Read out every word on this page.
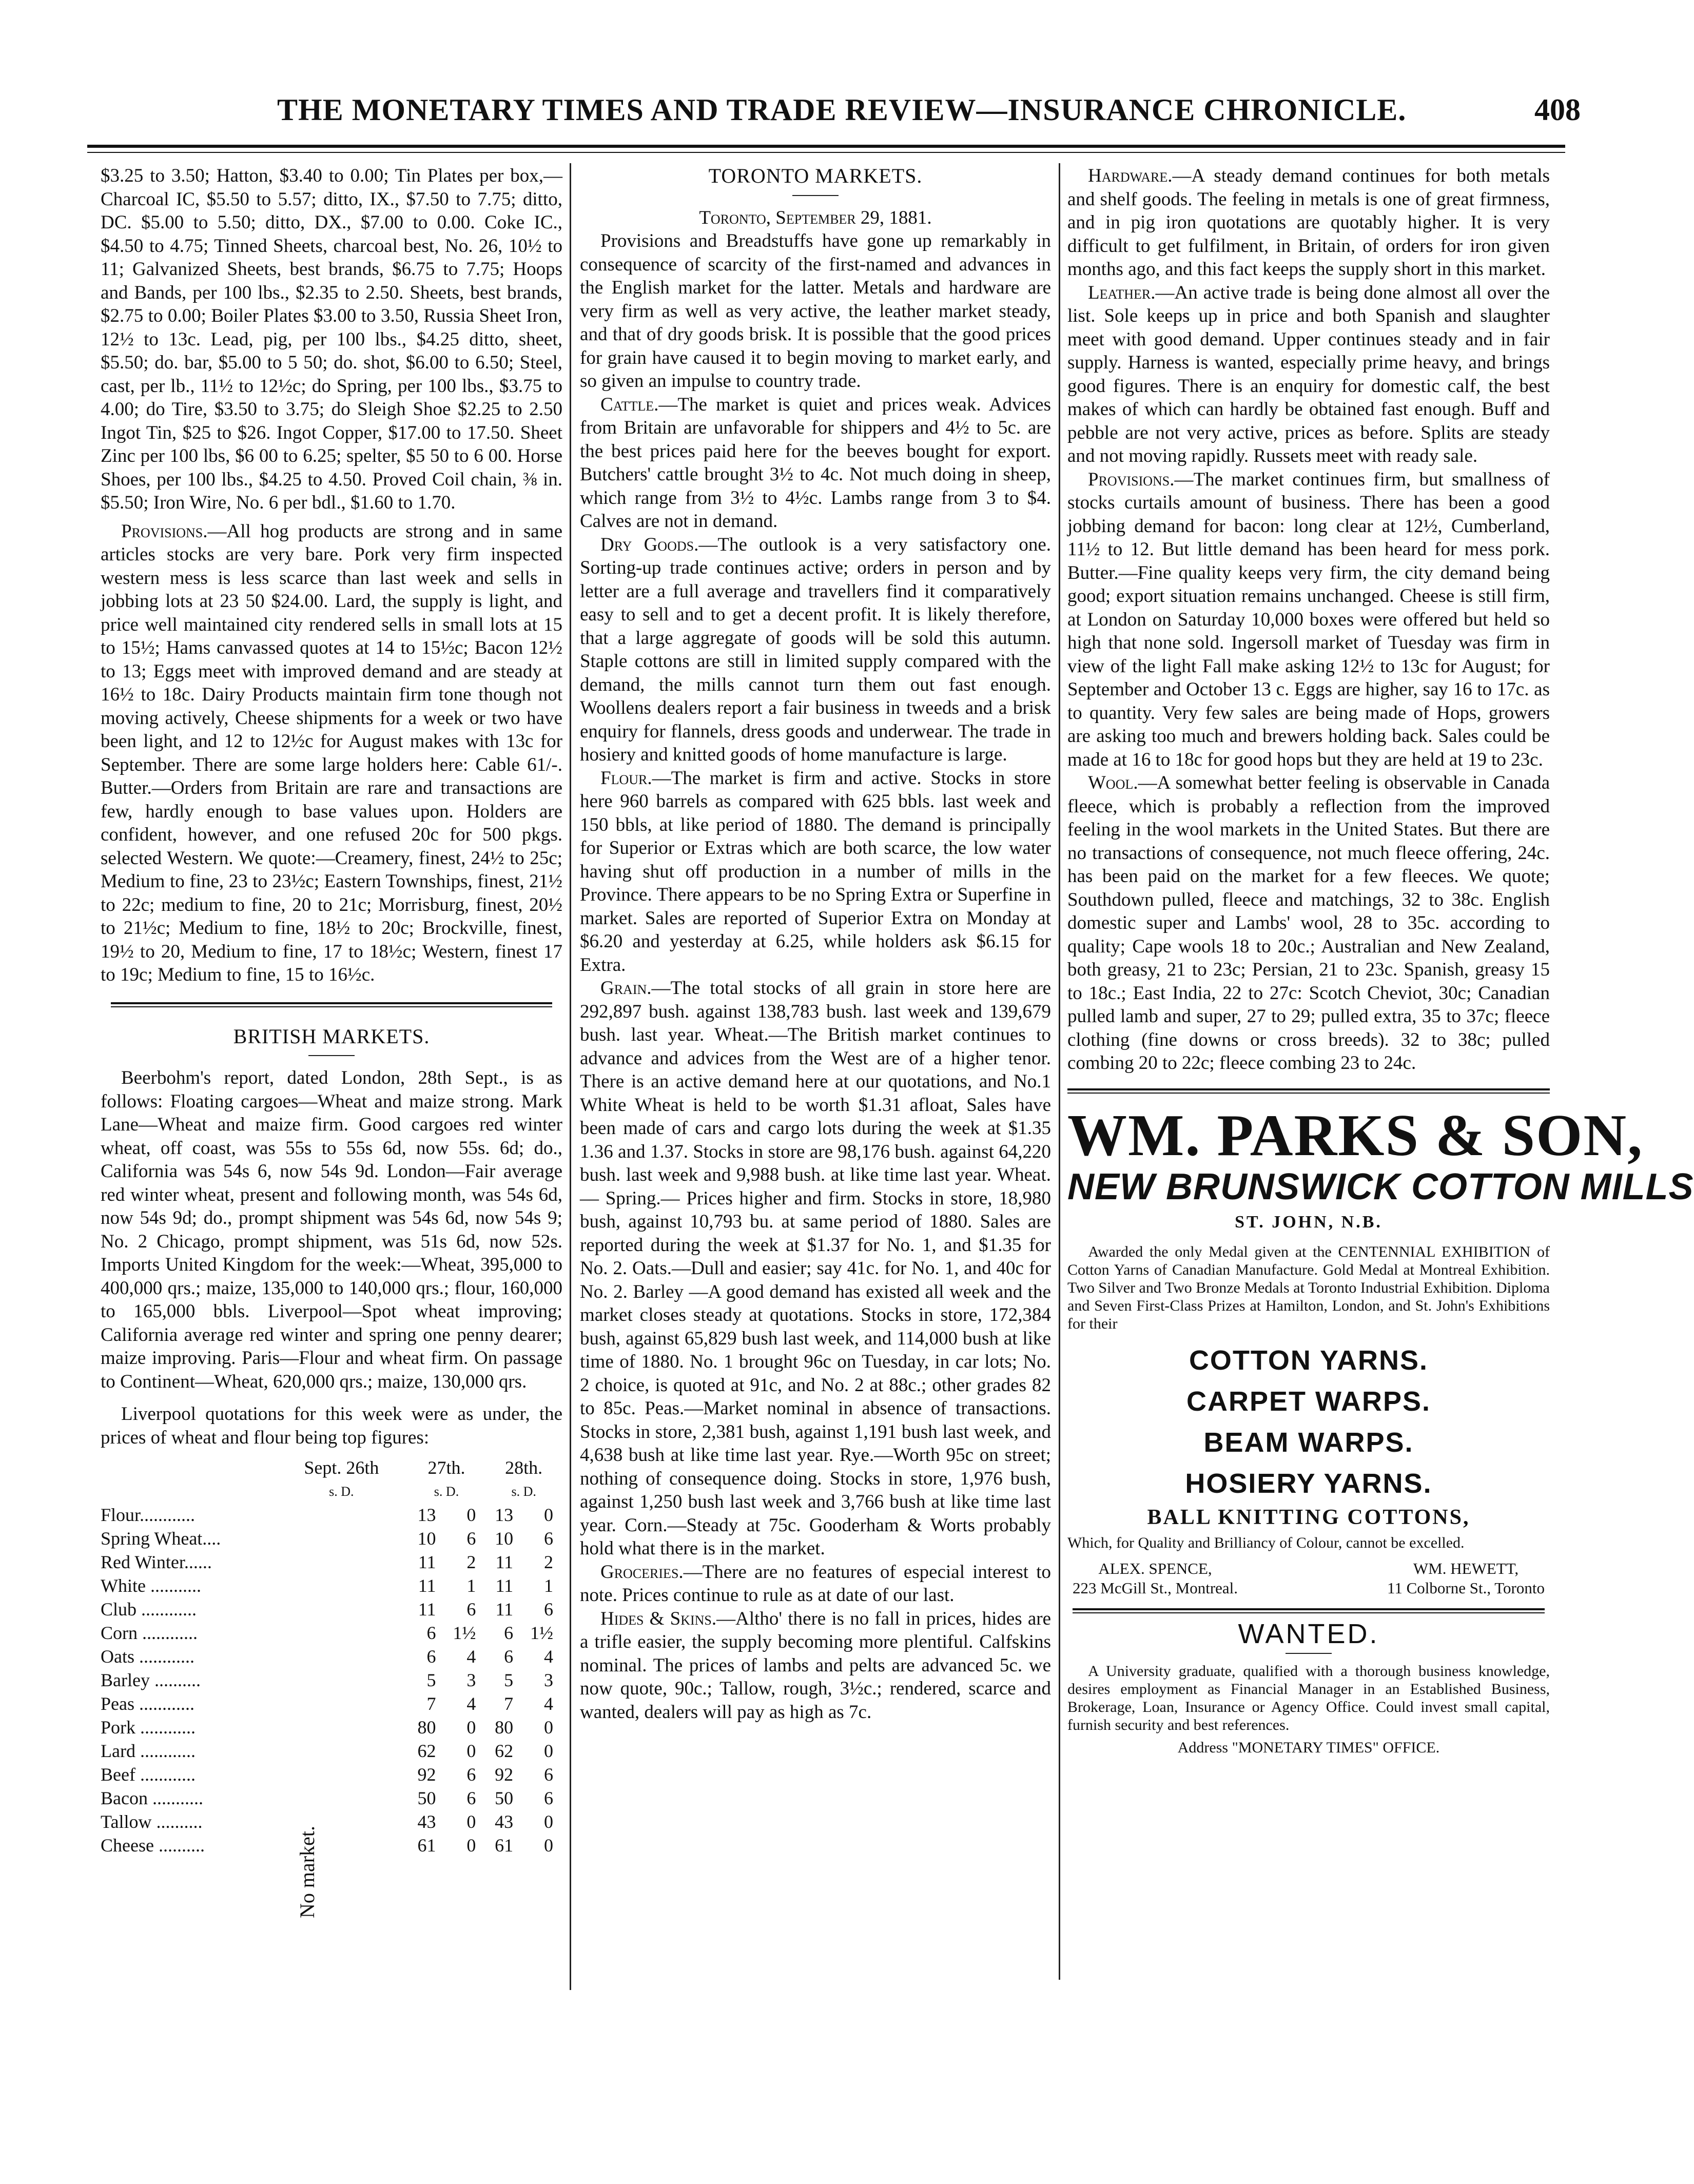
THE MONETARY TIMES AND TRADE REVIEW—INSURANCE CHRONICLE.	408

$3.25 to 3.50; Hatton, $3.40 to 0.00; Tin Plates per box,—Charcoal IC, $5.50 to 5.57; ditto, IX., $7.50 to 7.75; ditto, DC. $5.00 to 5.50; ditto, DX., $7.00 to 0.00. Coke IC., $4.50 to 4.75; Tinned Sheets, charcoal best, No. 26, 10½ to 11; Galvanized Sheets, best brands, $6.75 to 7.75; Hoops and Bands, per 100 lbs., $2.35 to 2.50. Sheets, best brands, $2.75 to 0.00; Boiler Plates $3.00 to 3.50, Russia Sheet Iron, 12½ to 13c. Lead, pig, per 100 lbs., $4.25 ditto, sheet, $5.50; do. bar, $5.00 to 5 50; do. shot, $6.00 to 6.50; Steel, cast, per lb., 11½ to 12½c; do Spring, per 100 lbs., $3.75 to 4.00; do Tire, $3.50 to 3.75; do Sleigh Shoe $2.25 to 2.50 Ingot Tin, $25 to $26. Ingot Copper, $17.00 to 17.50. Sheet Zinc per 100 lbs, $6 00 to 6.25; spelter, $5 50 to 6 00. Horse Shoes, per 100 lbs., $4.25 to 4.50. Proved Coil chain, ⅜ in. $5.50; Iron Wire, No. 6 per bdl., $1.60 to 1.70.

Provisions.—All hog products are strong and in same articles stocks are very bare. Pork very firm inspected western mess is less scarce than last week and sells in jobbing lots at 23 50 $24.00. Lard, the supply is light, and price well maintained city rendered sells in small lots at 15 to 15½; Hams canvassed quotes at 14 to 15½c; Bacon 12½ to 13; Eggs meet with improved demand and are steady at 16½ to 18c. Dairy Products maintain firm tone though not moving actively, Cheese shipments for a week or two have been light, and 12 to 12½c for August makes with 13c for September. There are some large holders here: Cable 61/-. Butter.—Orders from Britain are rare and transactions are few, hardly enough to base values upon. Holders are confident, however, and one refused 20c for 500 pkgs. selected Western. We quote:—Creamery, finest, 24½ to 25c; Medium to fine, 23 to 23½c; Eastern Townships, finest, 21½ to 22c; medium to fine, 20 to 21c; Morrisburg, finest, 20½ to 21½c; Medium to fine, 18½ to 20c; Brockville, finest, 19½ to 20, Medium to fine, 17 to 18½c; Western, finest 17 to 19c; Medium to fine, 15 to 16½c.

BRITISH MARKETS.

Beerbohm's report, dated London, 28th Sept., is as follows: Floating cargoes—Wheat and maize strong. Mark Lane—Wheat and maize firm. Good cargoes red winter wheat, off coast, was 55s to 55s 6d, now 55s. 6d; do., California was 54s 6, now 54s 9d. London—Fair average red winter wheat, present and following month, was 54s 6d, now 54s 9d; do., prompt shipment was 54s 6d, now 54s 9; No. 2 Chicago, prompt shipment, was 51s 6d, now 52s. Imports United Kingdom for the week:—Wheat, 395,000 to 400,000 qrs.; maize, 135,000 to 140,000 qrs.; flour, 160,000 to 165,000 bbls. Liverpool—Spot wheat improving; California average red winter and spring one penny dearer; maize improving. Paris—Flour and wheat firm. On passage to Continent—Wheat, 620,000 qrs.; maize, 130,000 qrs.

Liverpool quotations for this week were as under, the prices of wheat and flour being top figures:

	Sept. 26th		27th.		28th.	
	s. D.		s. D.		s. D.	
Flour............			13	0	13	0
Spring Wheat....			10	6	10	6
Red Winter......			11	2	11	2
White ...........			11	1	11	1
Club ............			11	6	11	6
Corn ............			6	1½	6	1½
Oats ............			6	4	6	4
Barley ..........			5	3	5	3
Peas ............			7	4	7	4
Pork ............			80	0	80	0
Lard ............			62	0	62	0
Beef ............			92	6	92	6
Bacon ...........			50	6	50	6
Tallow ..........			43	0	43	0
Cheese ..........			61	0	61	0
No market.

TORONTO MARKETS.

Toronto, September 29, 1881.

Provisions and Breadstuffs have gone up remarkably in consequence of scarcity of the first-named and advances in the English market for the latter. Metals and hardware are very firm as well as very active, the leather market steady, and that of dry goods brisk. It is possible that the good prices for grain have caused it to begin moving to market early, and so given an impulse to country trade.

Cattle.—The market is quiet and prices weak. Advices from Britain are unfavorable for shippers and 4½ to 5c. are the best prices paid here for the beeves bought for export. Butchers' cattle brought 3½ to 4c. Not much doing in sheep, which range from 3½ to 4½c. Lambs range from 3 to $4. Calves are not in demand.

Dry Goods.—The outlook is a very satisfactory one. Sorting-up trade continues active; orders in person and by letter are a full average and travellers find it comparatively easy to sell and to get a decent profit. It is likely therefore, that a large aggregate of goods will be sold this autumn. Staple cottons are still in limited supply compared with the demand, the mills cannot turn them out fast enough. Woollens dealers report a fair business in tweeds and a brisk enquiry for flannels, dress goods and underwear. The trade in hosiery and knitted goods of home manufacture is large.

Flour.—The market is firm and active. Stocks in store here 960 barrels as compared with 625 bbls. last week and 150 bbls, at like period of 1880. The demand is principally for Superior or Extras which are both scarce, the low water having shut off production in a number of mills in the Province. There appears to be no Spring Extra or Superfine in market. Sales are reported of Superior Extra on Monday at $6.20 and yesterday at 6.25, while holders ask $6.15 for Extra.

Grain.—The total stocks of all grain in store here are 292,897 bush. against 138,783 bush. last week and 139,679 bush. last year. Wheat.—The British market continues to advance and advices from the West are of a higher tenor. There is an active demand here at our quotations, and No.1 White Wheat is held to be worth $1.31 afloat, Sales have been made of cars and cargo lots during the week at $1.35 1.36 and 1.37. Stocks in store are 98,176 bush. against 64,220 bush. last week and 9,988 bush. at like time last year. Wheat.— Spring.— Prices higher and firm. Stocks in store, 18,980 bush, against 10,793 bu. at same period of 1880. Sales are reported during the week at $1.37 for No. 1, and $1.35 for No. 2. Oats.—Dull and easier; say 41c. for No. 1, and 40c for No. 2. Barley —A good demand has existed all week and the market closes steady at quotations. Stocks in store, 172,384 bush, against 65,829 bush last week, and 114,000 bush at like time of 1880. No. 1 brought 96c on Tuesday, in car lots; No. 2 choice, is quoted at 91c, and No. 2 at 88c.; other grades 82 to 85c. Peas.—Market nominal in absence of transactions. Stocks in store, 2,381 bush, against 1,191 bush last week, and 4,638 bush at like time last year. Rye.—Worth 95c on street; nothing of consequence doing. Stocks in store, 1,976 bush, against 1,250 bush last week and 3,766 bush at like time last year. Corn.—Steady at 75c. Gooderham & Worts probably hold what there is in the market.

Groceries.—There are no features of especial interest to note. Prices continue to rule as at date of our last.

Hides & Skins.—Altho' there is no fall in prices, hides are a trifle easier, the supply becoming more plentiful. Calfskins nominal. The prices of lambs and pelts are advanced 5c. we now quote, 90c.; Tallow, rough, 3½c.; rendered, scarce and wanted, dealers will pay as high as 7c.

Hardware.—A steady demand continues for both metals and shelf goods. The feeling in metals is one of great firmness, and in pig iron quotations are quotably higher. It is very difficult to get fulfilment, in Britain, of orders for iron given months ago, and this fact keeps the supply short in this market.

Leather.—An active trade is being done almost all over the list. Sole keeps up in price and both Spanish and slaughter meet with good demand. Upper continues steady and in fair supply. Harness is wanted, especially prime heavy, and brings good figures. There is an enquiry for domestic calf, the best makes of which can hardly be obtained fast enough. Buff and pebble are not very active, prices as before. Splits are steady and not moving rapidly. Russets meet with ready sale.

Provisions.—The market continues firm, but smallness of stocks curtails amount of business. There has been a good jobbing demand for bacon: long clear at 12½, Cumberland, 11½ to 12. But little demand has been heard for mess pork. Butter.—Fine quality keeps very firm, the city demand being good; export situation remains unchanged. Cheese is still firm, at London on Saturday 10,000 boxes were offered but held so high that none sold. Ingersoll market of Tuesday was firm in view of the light Fall make asking 12½ to 13c for August; for September and October 13 c. Eggs are higher, say 16 to 17c. as to quantity. Very few sales are being made of Hops, growers are asking too much and brewers holding back. Sales could be made at 16 to 18c for good hops but they are held at 19 to 23c.

Wool.—A somewhat better feeling is observable in Canada fleece, which is probably a reflection from the improved feeling in the wool markets in the United States. But there are no transactions of consequence, not much fleece offering, 24c. has been paid on the market for a few fleeces. We quote; Southdown pulled, fleece and matchings, 32 to 38c. English domestic super and Lambs' wool, 28 to 35c. according to quality; Cape wools 18 to 20c.; Australian and New Zealand, both greasy, 21 to 23c; Persian, 21 to 23c. Spanish, greasy 15 to 18c.; East India, 22 to 27c: Scotch Cheviot, 30c; Canadian pulled lamb and super, 27 to 29; pulled extra, 35 to 37c; fleece clothing (fine downs or cross breeds). 32 to 38c; pulled combing 20 to 22c; fleece combing 23 to 24c.

WM. PARKS & SON,
NEW BRUNSWICK COTTON MILLS
ST. JOHN, N.B.

Awarded the only Medal given at the CENTENNIAL EXHIBITION of Cotton Yarns of Canadian Manufacture. Gold Medal at Montreal Exhibition. Two Silver and Two Bronze Medals at Toronto Industrial Exhibition. Diploma and Seven First-Class Prizes at Hamilton, London, and St. John's Exhibitions for their

COTTON YARNS.
CARPET WARPS.
BEAM WARPS.
HOSIERY YARNS.
BALL KNITTING COTTONS,

Which, for Quality and Brilliancy of Colour, cannot be excelled.

ALEX. SPENCE,
223 McGill St., Montreal.
WM. HEWETT,
11 Colborne St., Toronto
WANTED.

A University graduate, qualified with a thorough business knowledge, desires employment as Financial Manager in an Established Business, Brokerage, Loan, Insurance or Agency Office. Could invest small capital, furnish security and best references.

Address "MONETARY TIMES" OFFICE.
